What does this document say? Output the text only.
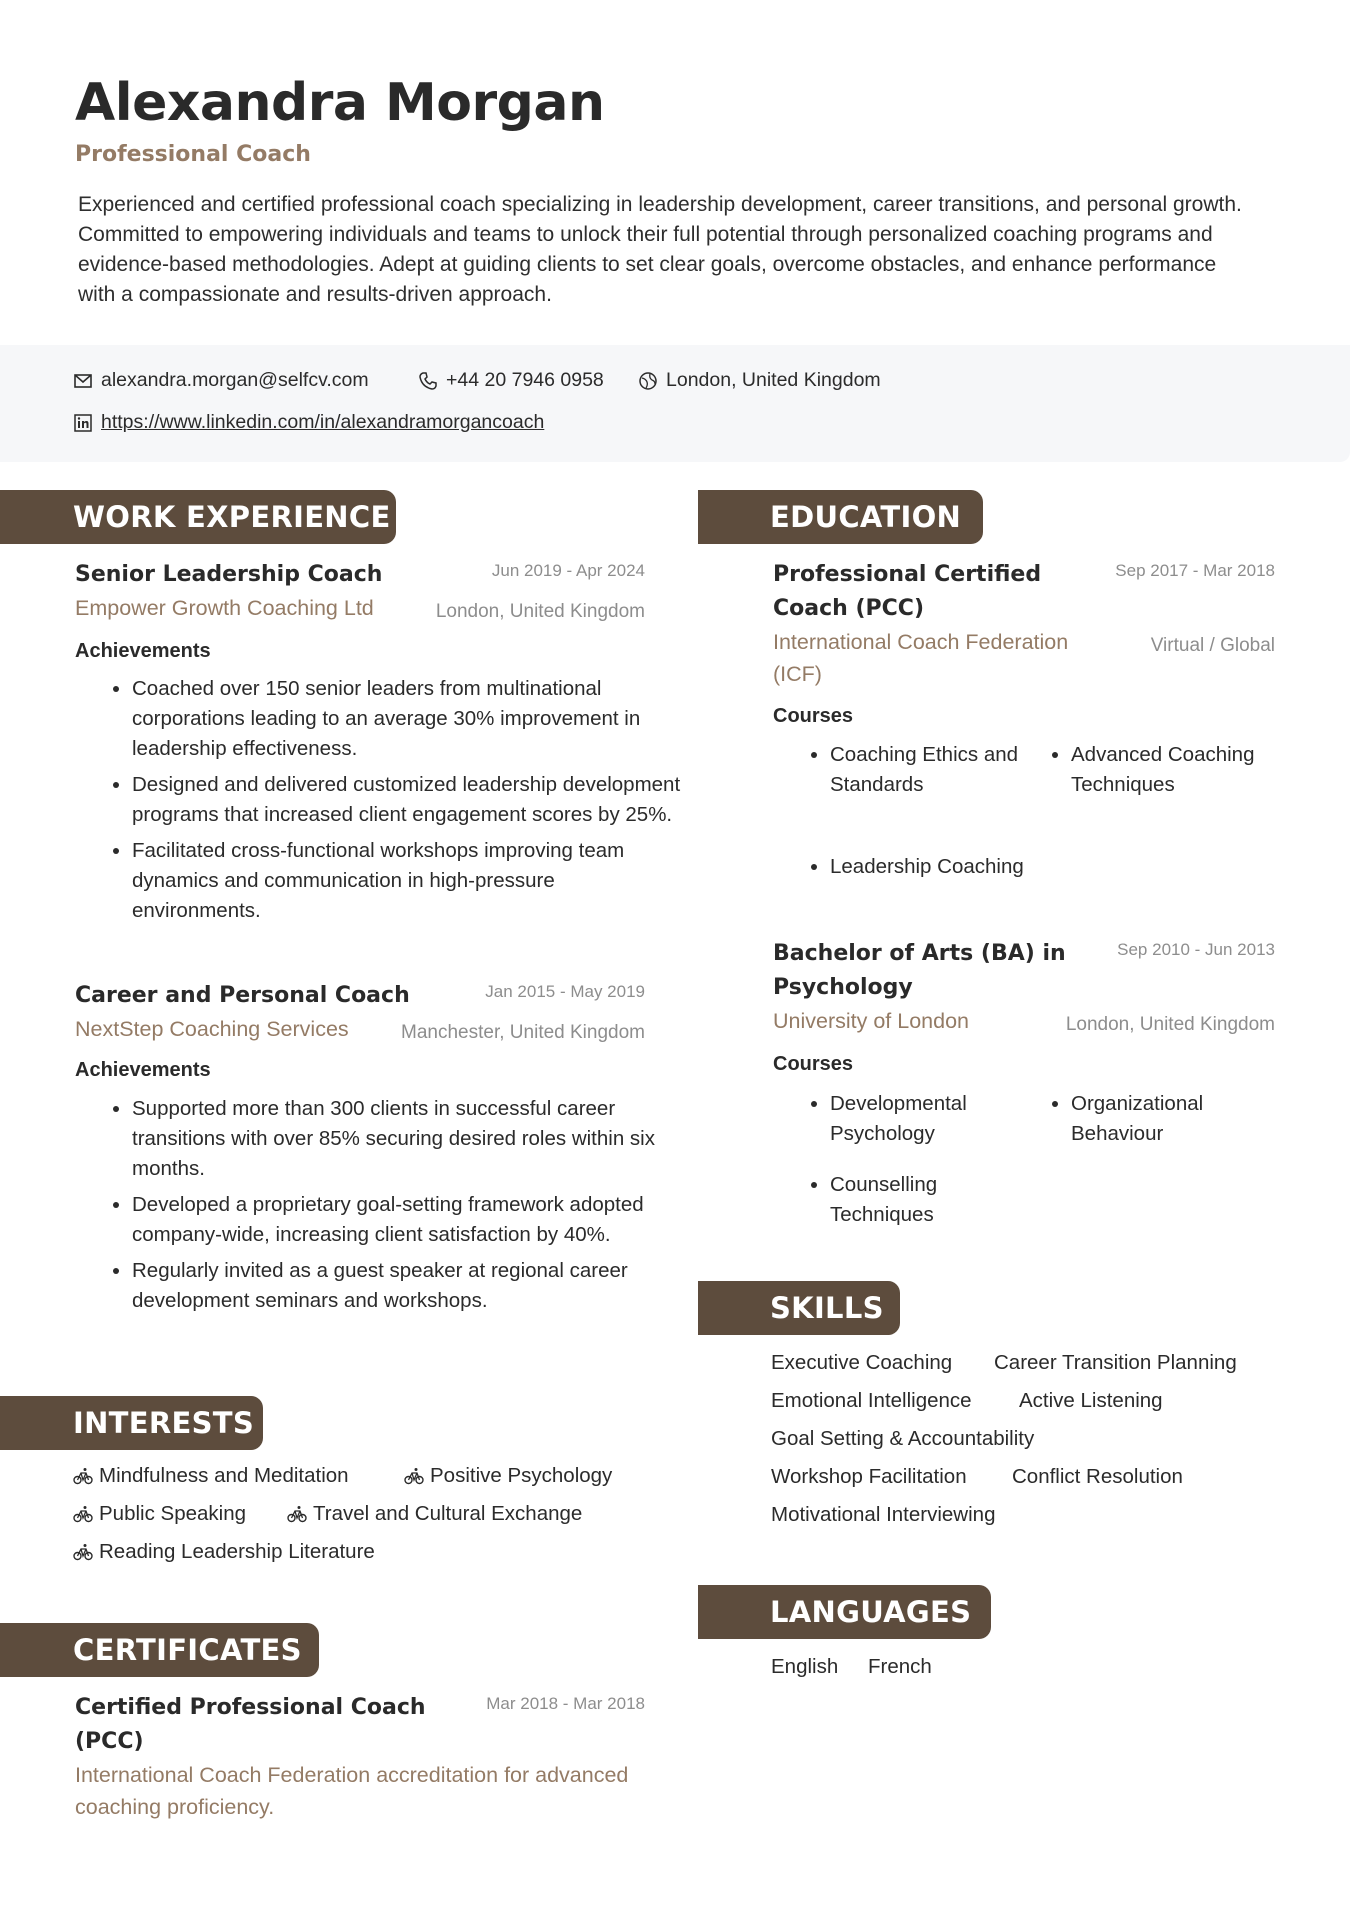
Alexandra Morgan
Professional Coach
Experienced and certified professional coach specializing in leadership development, career transitions, and personal growth. Committed to empowering individuals and teams to unlock their full potential through personalized coaching programs and evidence-based methodologies. Adept at guiding clients to set clear goals, overcome obstacles, and enhance performance with a compassionate and results-driven approach.
alexandra.morgan@selfcv.com	+44 20 7946 0958	London, United Kingdom
https://www.linkedin.com/in/alexandramorgancoach
WORK EXPERIENCE
Senior Leadership Coach	Jun 2019 - Apr 2024
Empower Growth Coaching Ltd	London, United Kingdom
Achievements
• Coached over 150 senior leaders from multinational corporations leading to an average 30% improvement in leadership effectiveness.
• Designed and delivered customized leadership development programs that increased client engagement scores by 25%.
• Facilitated cross-functional workshops improving team dynamics and communication in high-pressure environments.
Career and Personal Coach	Jan 2015 - May 2019
NextStep Coaching Services	Manchester, United Kingdom
Achievements
• Supported more than 300 clients in successful career transitions with over 85% securing desired roles within six months.
• Developed a proprietary goal-setting framework adopted company-wide, increasing client satisfaction by 40%.
• Regularly invited as a guest speaker at regional career development seminars and workshops.
INTERESTS
Mindfulness and Meditation	Positive Psychology
Public Speaking	Travel and Cultural Exchange
Reading Leadership Literature
CERTIFICATES
Certified Professional Coach (PCC)
Mar 2018 - Mar 2018
International Coach Federation accreditation for advanced coaching proficiency.
EDUCATION
Professional Certified Coach (PCC)
Sep 2017 - Mar 2018
International Coach Federation (ICF)
Virtual / Global
Courses
• Coaching Ethics and Standards
• Advanced Coaching Techniques
• Leadership Coaching
Bachelor of Arts (BA) in Psychology
Sep 2010 - Jun 2013
University of London	London, United Kingdom
Courses
• Developmental Psychology
• Organizational Behaviour
• Counselling Techniques
SKILLS
Executive Coaching Career Transition Planning
Emotional Intelligence Active Listening
Goal Setting & Accountability
Workshop Facilitation Conflict Resolution
Motivational Interviewing
LANGUAGES
English French
